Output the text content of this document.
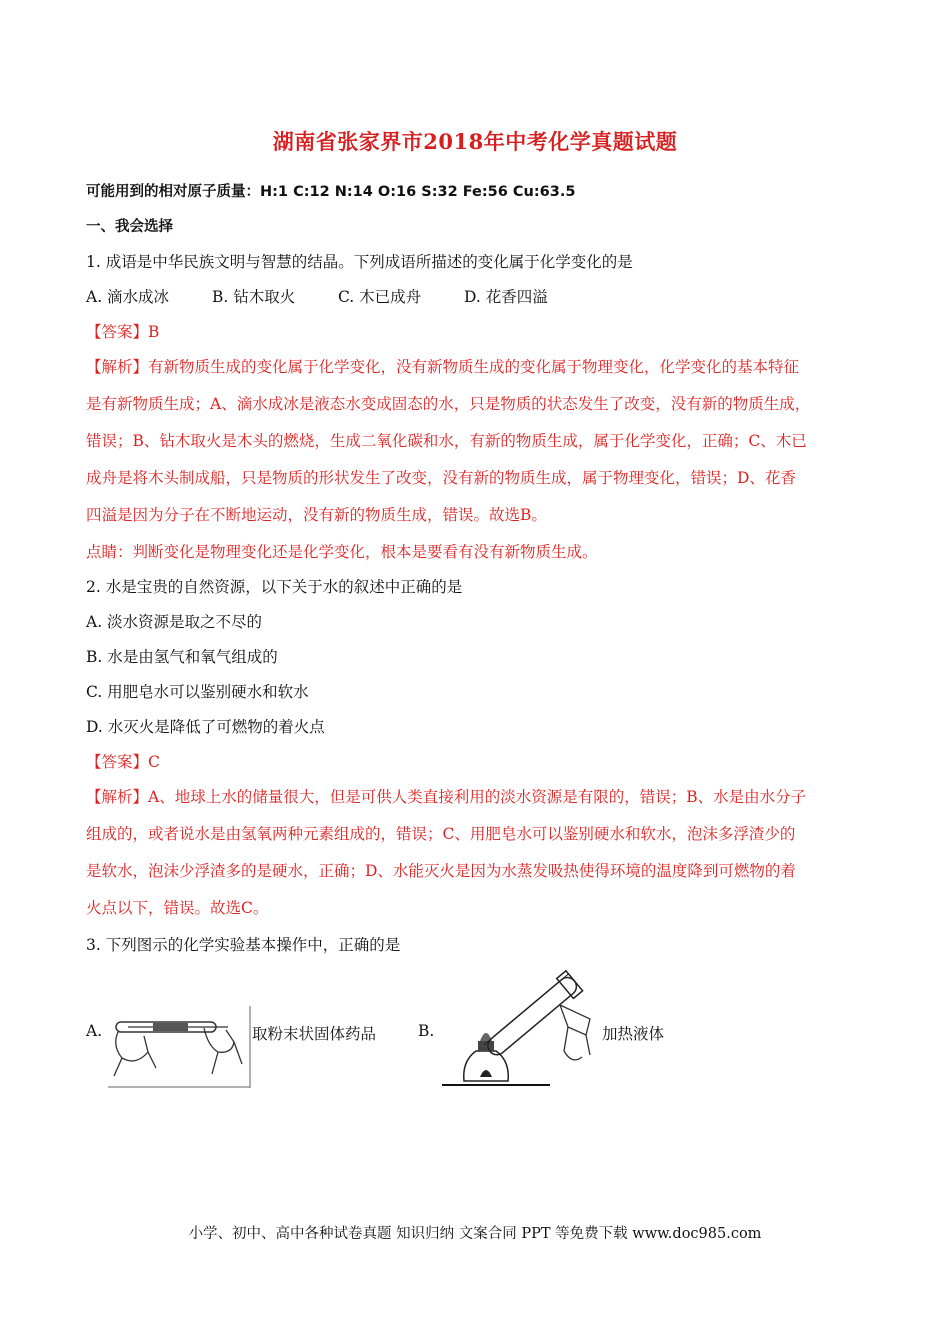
湖南省张家界市2018年中考化学真题试题
可能用到的相对原子质量：H:1 C:12 N:14 O:16 S:32 Fe:56 Cu:63.5
一、我会选择
1. 成语是中华民族文明与智慧的结晶。下列成语所描述的变化属于化学变化的是
A. 滴水成冰	B. 钻木取火	C. 木已成舟	D. 花香四溢
【答案】B
【解析】有新物质生成的变化属于化学变化，没有新物质生成的变化属于物理变化，化学变化的基本特征
是有新物质生成；A、滴水成冰是液态水变成固态的水，只是物质的状态发生了改变，没有新的物质生成，
错误；B、钻木取火是木头的燃烧，生成二氧化碳和水，有新的物质生成，属于化学变化，正确；C、木已
成舟是将木头制成船，只是物质的形状发生了改变，没有新的物质生成，属于物理变化，错误；D、花香
四溢是因为分子在不断地运动，没有新的物质生成，错误。故选B。
点睛：判断变化是物理变化还是化学变化，根本是要看有没有新物质生成。
2. 水是宝贵的自然资源，以下关于水的叙述中正确的是
A. 淡水资源是取之不尽的
B. 水是由氢气和氧气组成的
C. 用肥皂水可以鉴别硬水和软水
D. 水灭火是降低了可燃物的着火点
【答案】C
【解析】A、地球上水的储量很大，但是可供人类直接利用的淡水资源是有限的，错误；B、水是由水分子
组成的，或者说水是由氢氧两种元素组成的，错误；C、用肥皂水可以鉴别硬水和软水，泡沫多浮渣少的
是软水，泡沫少浮渣多的是硬水，正确；D、水能灭火是因为水蒸发吸热使得环境的温度降到可燃物的着
火点以下，错误。故选C。
3. 下列图示的化学实验基本操作中，正确的是
A.	取粉末状固体药品	B.	加热液体
小学、初中、高中各种试卷真题 知识归纳 文案合同 PPT 等免费下载 www.doc985.com
